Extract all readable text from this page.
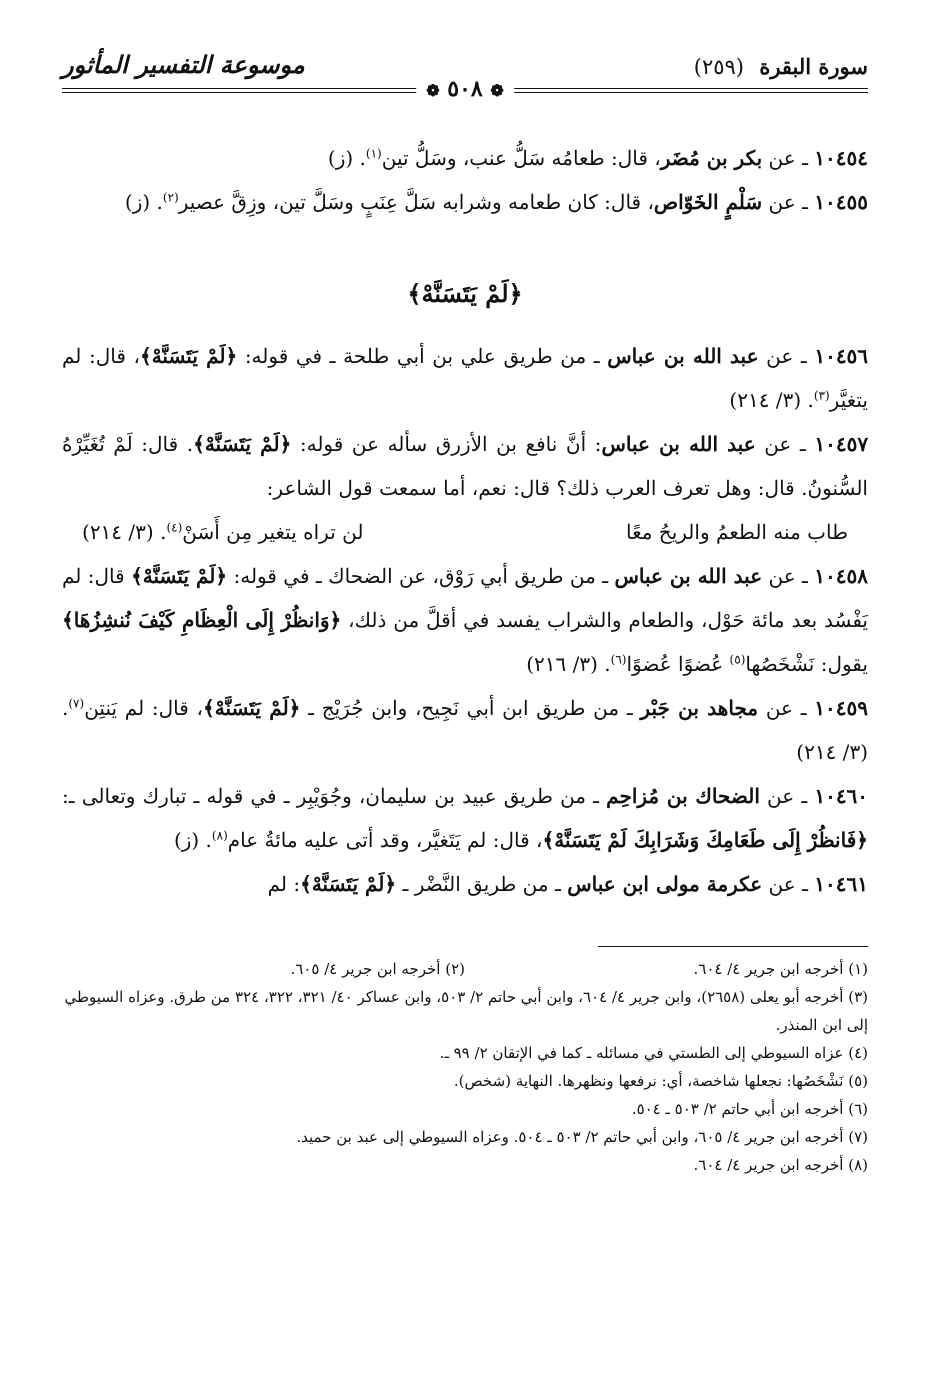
سورة البقرة (٢٥٩)
موسوعة التفسير المأثور
❁ ٥٠٨ ❁

١٠٤٥٤ ـ عن بكر بن مُضَر، قال: طعامُه سَلُّ عنب، وسَلُّ تين$^{(١)}$. (ز)

١٠٤٥٥ ـ عن سَلْمٍ الخَوّاص، قال: كان طعامه وشرابه سَلَّ عِنَبٍ وسَلَّ تين، وزِقَّ عصير$^{(٢)}$. (ز)

﴿لَمْ يَتَسَنَّهْ﴾

١٠٤٥٦ ـ عن عبد الله بن عباس ـ من طريق علي بن أبي طلحة ـ في قوله: ﴿لَمْ يَتَسَنَّهْ﴾، قال: لم يتغيَّر$^{(٣)}$. (٣/ ٢١٤)

١٠٤٥٧ ـ عن عبد الله بن عباس: أنَّ نافع بن الأزرق سأله عن قوله: ﴿لَمْ يَتَسَنَّهْ﴾. قال: لَمْ تُغَيِّرْهُ السُّنونُ. قال: وهل تعرف العرب ذلك؟ قال: نعم، أما سمعت قول الشاعر:

طاب منه الطعمُ والريحُ معًا
لن تراه يتغير مِن أَسَنْ$^{(٤)}$. (٣/ ٢١٤)

١٠٤٥٨ ـ عن عبد الله بن عباس ـ من طريق أبي رَوْق، عن الضحاك ـ في قوله: ﴿لَمْ يَتَسَنَّهْ﴾ قال: لم يَفْسُد بعد مائة حَوْل، والطعام والشراب يفسد في أقلَّ من ذلك، ﴿وَانظُرْ إِلَى الْعِظَامِ كَيْفَ نُنشِزُهَا﴾ يقول: نَشْخَصُها$^{(٥)}$ عُضوًا عُضوًا$^{(٦)}$. (٣/ ٢١٦)

١٠٤٥٩ ـ عن مجاهد بن جَبْر ـ من طريق ابن أبي نَجِيح، وابن جُرَيْج ـ ﴿لَمْ يَتَسَنَّهْ﴾، قال: لم يَنتِن$^{(٧)}$. (٣/ ٢١٤)

١٠٤٦٠ ـ عن الضحاك بن مُزاحِم ـ من طريق عبيد بن سليمان، وجُوَيْبِر ـ في قوله ـ تبارك وتعالى ـ: ﴿فَانظُرْ إِلَى طَعَامِكَ وَشَرَابِكَ لَمْ يَتَسَنَّهْ﴾، قال: لم يَتَغيَّر، وقد أتى عليه مائةُ عام$^{(٨)}$. (ز)

١٠٤٦١ ـ عن عكرمة مولى ابن عباس ـ من طريق النَّضْر ـ ﴿لَمْ يَتَسَنَّهْ﴾: لم

(١) أخرجه ابن جرير ٤/ ٦٠٤.

(٢) أخرجه ابن جرير ٤/ ٦٠٥.

(٣) أخرجه أبو يعلى (٢٦٥٨)، وابن جرير ٤/ ٦٠٤، وابن أبي حاتم ٢/ ٥٠٣، وابن عساكر ٤٠/ ٣٢١، ٣٢٢، ٣٢٤ من طرق. وعزاه السيوطي إلى ابن المنذر.

(٤) عزاه السيوطي إلى الطستي في مسائله ـ كما في الإتقان ٢/ ٩٩ ـ.

(٥) نَشْخَصُها: نجعلها شاخصة، أي: نرفعها ونظهرها. النهاية (شخص).

(٦) أخرجه ابن أبي حاتم ٢/ ٥٠٣ ـ ٥٠٤.

(٧) أخرجه ابن جرير ٤/ ٦٠٥، وابن أبي حاتم ٢/ ٥٠٣ ـ ٥٠٤. وعزاه السيوطي إلى عبد بن حميد.

(٨) أخرجه ابن جرير ٤/ ٦٠٤.
